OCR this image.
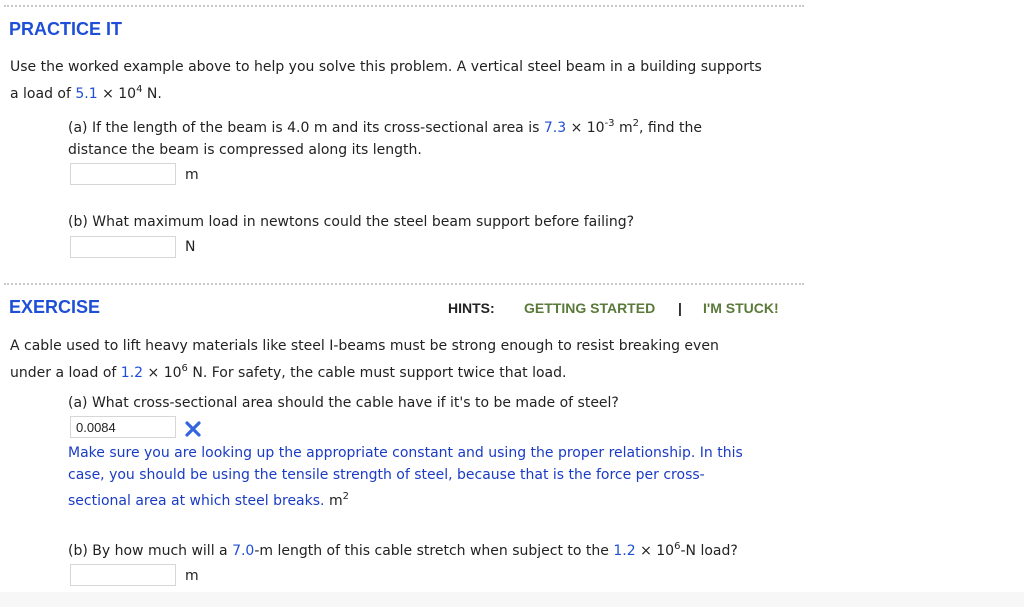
PRACTICE IT
Use the worked example above to help you solve this problem. A vertical steel beam in a building supports
a load of $5.1 \times 10^4$ N.
(a) If the length of the beam is 4.0 m and its cross-sectional area is $7.3 \times 10^{-3}$ $m^2$, find the
distance the beam is compressed along its length.
m
(b) What maximum load in newtons could the steel beam support before failing?
N
EXERCISE	HINTS: GETTING STARTED | I'M STUCK!
A cable used to lift heavy materials like steel I-beams must be strong enough to resist breaking even
under a load of $1.2 \times 10^6$ N. For safety, the cable must support twice that load.
(a) What cross-sectional area should the cable have if it's to be made of steel?
0.0084
Make sure you are looking up the appropriate constant and using the proper relationship. In this
case, you should be using the tensile strength of steel, because that is the force per cross-
sectional area at which steel breaks. $m^2$
(b) By how much will a 7.0-m length of this cable stretch when subject to the $1.2 \times 10^6-N$ load?
m
